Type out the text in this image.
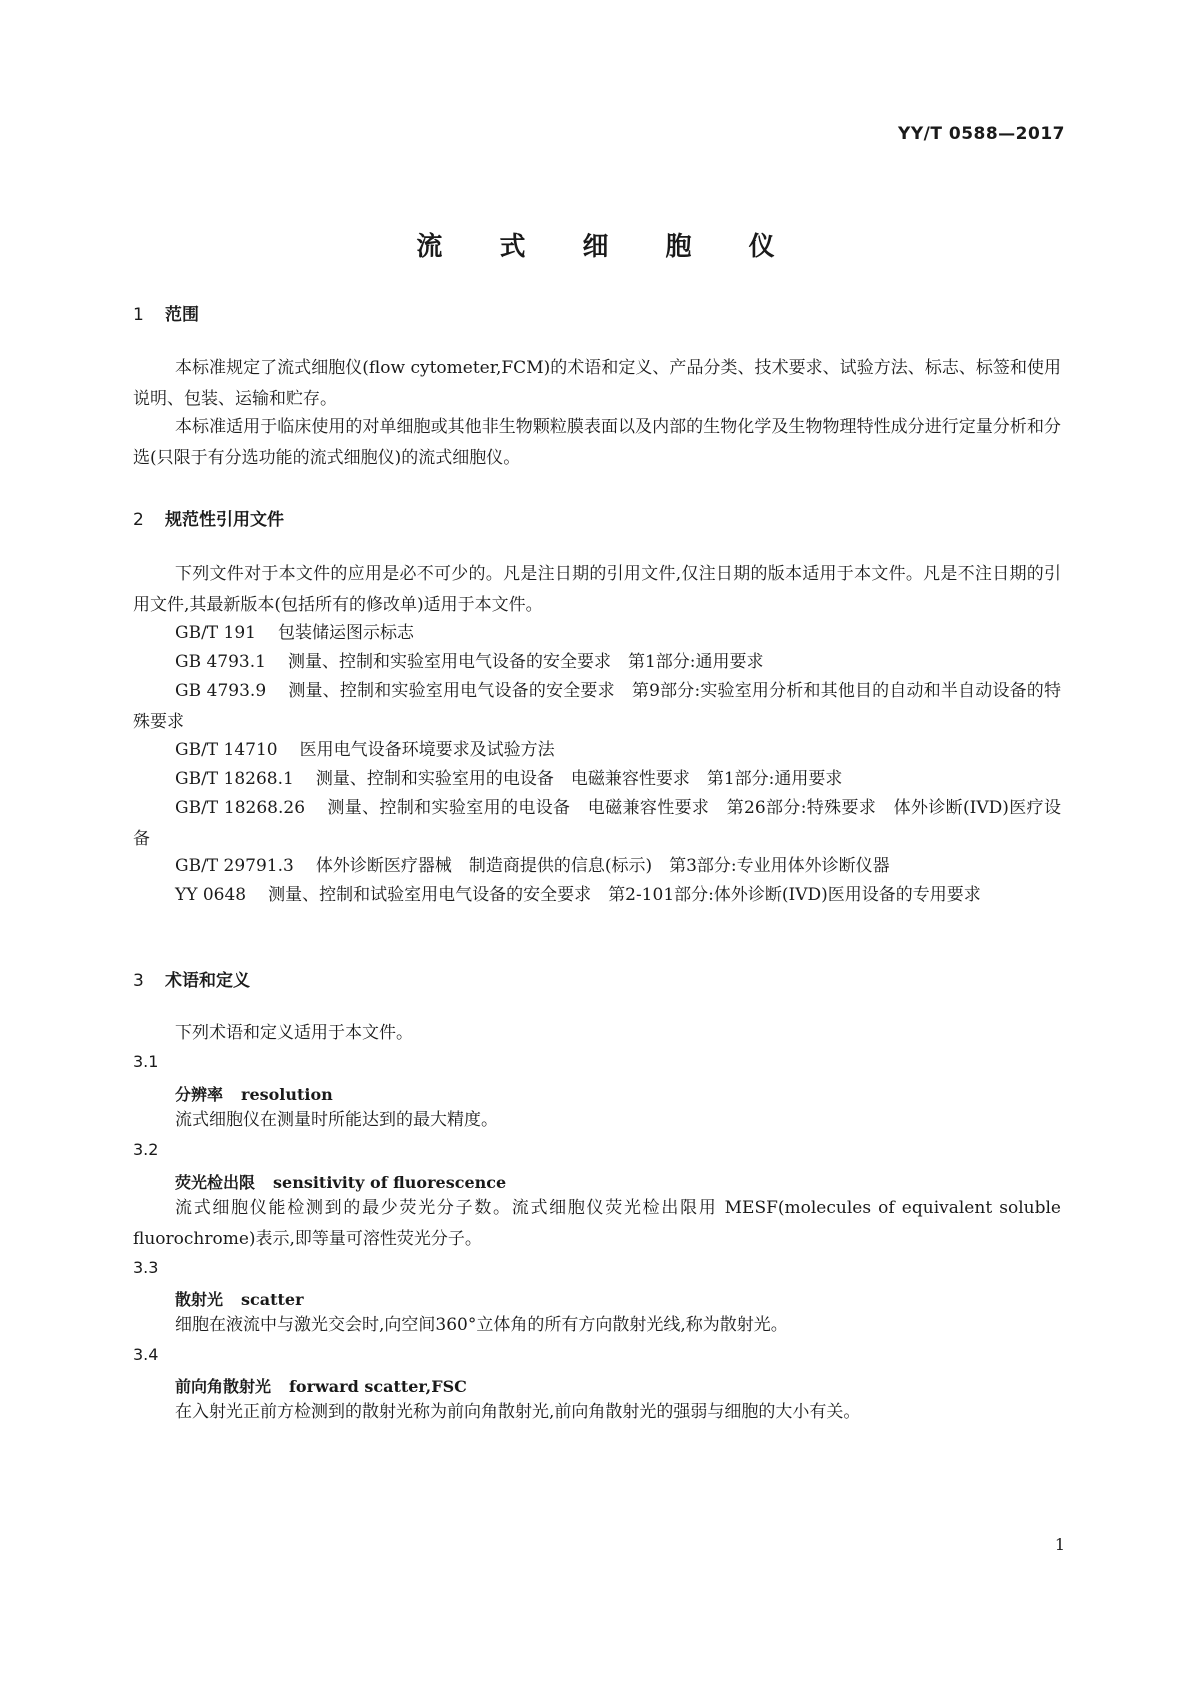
YY/T 0588—2017
流 式 细 胞 仪
1 范围
本标准规定了流式细胞仪(flow cytometer,FCM)的术语和定义、产品分类、技术要求、试验方法、标志、标签和使用说明、包装、运输和贮存。
本标准适用于临床使用的对单细胞或其他非生物颗粒膜表面以及内部的生物化学及生物物理特性成分进行定量分析和分选(只限于有分选功能的流式细胞仪)的流式细胞仪。
2 规范性引用文件
下列文件对于本文件的应用是必不可少的。凡是注日期的引用文件,仅注日期的版本适用于本文件。凡是不注日期的引用文件,其最新版本(包括所有的修改单)适用于本文件。
GB/T 191 包装储运图示标志
GB 4793.1 测量、控制和实验室用电气设备的安全要求　第1部分:通用要求
GB 4793.9 测量、控制和实验室用电气设备的安全要求　第9部分:实验室用分析和其他目的自动和半自动设备的特殊要求
GB/T 14710 医用电气设备环境要求及试验方法
GB/T 18268.1 测量、控制和实验室用的电设备　电磁兼容性要求　第1部分:通用要求
GB/T 18268.26 测量、控制和实验室用的电设备　电磁兼容性要求　第26部分:特殊要求　体外诊断(IVD)医疗设备
GB/T 29791.3 体外诊断医疗器械　制造商提供的信息(标示)　第3部分:专业用体外诊断仪器
YY 0648 测量、控制和试验室用电气设备的安全要求　第2-101部分:体外诊断(IVD)医用设备的专用要求
3 术语和定义
下列术语和定义适用于本文件。
3.1
分辨率 resolution
流式细胞仪在测量时所能达到的最大精度。
3.2
荧光检出限 sensitivity of fluorescence
流式细胞仪能检测到的最少荧光分子数。流式细胞仪荧光检出限用 MESF(molecules of equivalent soluble fluorochrome)表示,即等量可溶性荧光分子。
3.3
散射光 scatter
细胞在液流中与激光交会时,向空间360°立体角的所有方向散射光线,称为散射光。
3.4
前向角散射光 forward scatter,FSC
在入射光正前方检测到的散射光称为前向角散射光,前向角散射光的强弱与细胞的大小有关。
1
